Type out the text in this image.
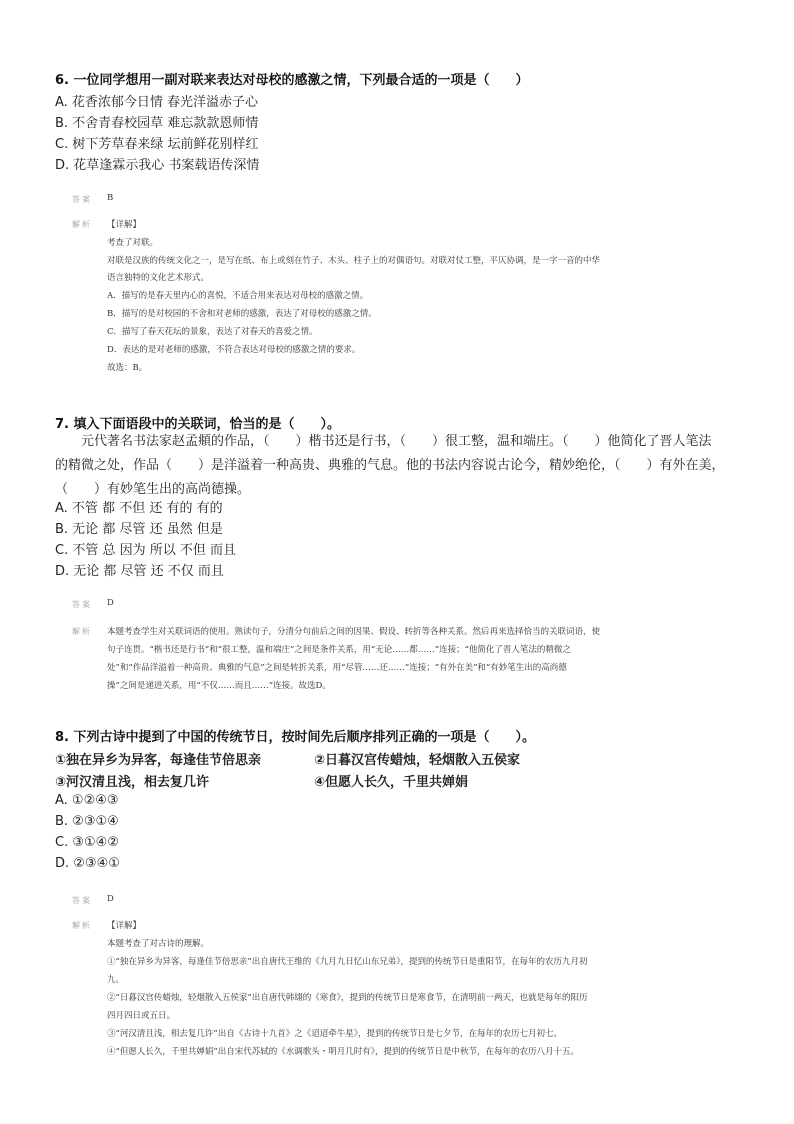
6. 一位同学想用一副对联来表达对母校的感激之情，下列最合适的一项是（　　）
A. 花香浓郁今日情 春光洋溢赤子心
B. 不舍青春校园草 难忘款款恩师情
C. 树下芳草春来绿 坛前鲜花别样红
D. 花草逢霖示我心 书案载语传深情
答案 B
解析 【详解】
考查了对联。
对联是汉族的传统文化之一，是写在纸、布上或刻在竹子、木头、柱子上的对偶语句。对联对仗工整，平仄协调，是一字一音的中华
语言独特的文化艺术形式。
A．描写的是春天里内心的喜悦，不适合用来表达对母校的感激之情。
B．描写的是对校园的不舍和对老师的感激，表达了对母校的感激之情。
C．描写了春天花坛的景象，表达了对春天的喜爱之情。
D．表达的是对老师的感激，不符合表达对母校的感激之情的要求。
故选：B。
7. 填入下面语段中的关联词，恰当的是（　　）。
元代著名书法家赵孟頫的作品，（　　）楷书还是行书，（　　）很工整，温和端庄。（　　）他简化了晋人笔法
的精微之处，作品（　　）是洋溢着一种高贵、典雅的气息。他的书法内容说古论今，精妙绝伦，（　　）有外在美，
（　　）有妙笔生出的高尚德操。
A. 不管 都 不但 还 有的 有的
B. 无论 都 尽管 还 虽然 但是
C. 不管 总 因为 所以 不但 而且
D. 无论 都 尽管 还 不仅 而且
答案 D
解析 本题考查学生对关联词语的使用。熟读句子，分清分句前后之间的因果、假设、转折等各种关系。然后再来选择恰当的关联词语，使
句子连贯。“楷书还是行书”和“很工整，温和端庄”之间是条件关系，用“无论……都……”连接；“他简化了晋人笔法的精微之
处”和“作品洋溢着一种高贵、典雅的气息”之间是转折关系，用“尽管……还……”连接；“有外在美”和“有妙笔生出的高尚德
操”之间是递进关系，用“不仅……而且……”连接。故选D。
8. 下列古诗中提到了中国的传统节日，按时间先后顺序排列正确的一项是（　　）。
①独在异乡为异客，每逢佳节倍思亲	②日暮汉宫传蜡烛，轻烟散入五侯家
③河汉清且浅，相去复几许	④但愿人长久，千里共婵娟
A. ①②④③
B. ②③①④
C. ③①④②
D. ②③④①
答案 D
解析 【详解】
本题考查了对古诗的理解。
①“独在异乡为异客，每逢佳节倍思亲”出自唐代王维的《九月九日忆山东兄弟》，提到的传统节日是重阳节，在每年的农历九月初
九。
②“日暮汉宫传蜡烛，轻烟散入五侯家”出自唐代韩翃的《寒食》，提到的传统节日是寒食节，在清明前一两天，也就是每年的阳历
四月四日或五日。
③“河汉清且浅，相去复几许”出自《古诗十九首》之《迢迢牵牛星》，提到的传统节日是七夕节，在每年的农历七月初七。
④“但愿人长久，千里共婵娟”出自宋代苏轼的《水调歌头・明月几时有》，提到的传统节日是中秋节，在每年的农历八月十五。
